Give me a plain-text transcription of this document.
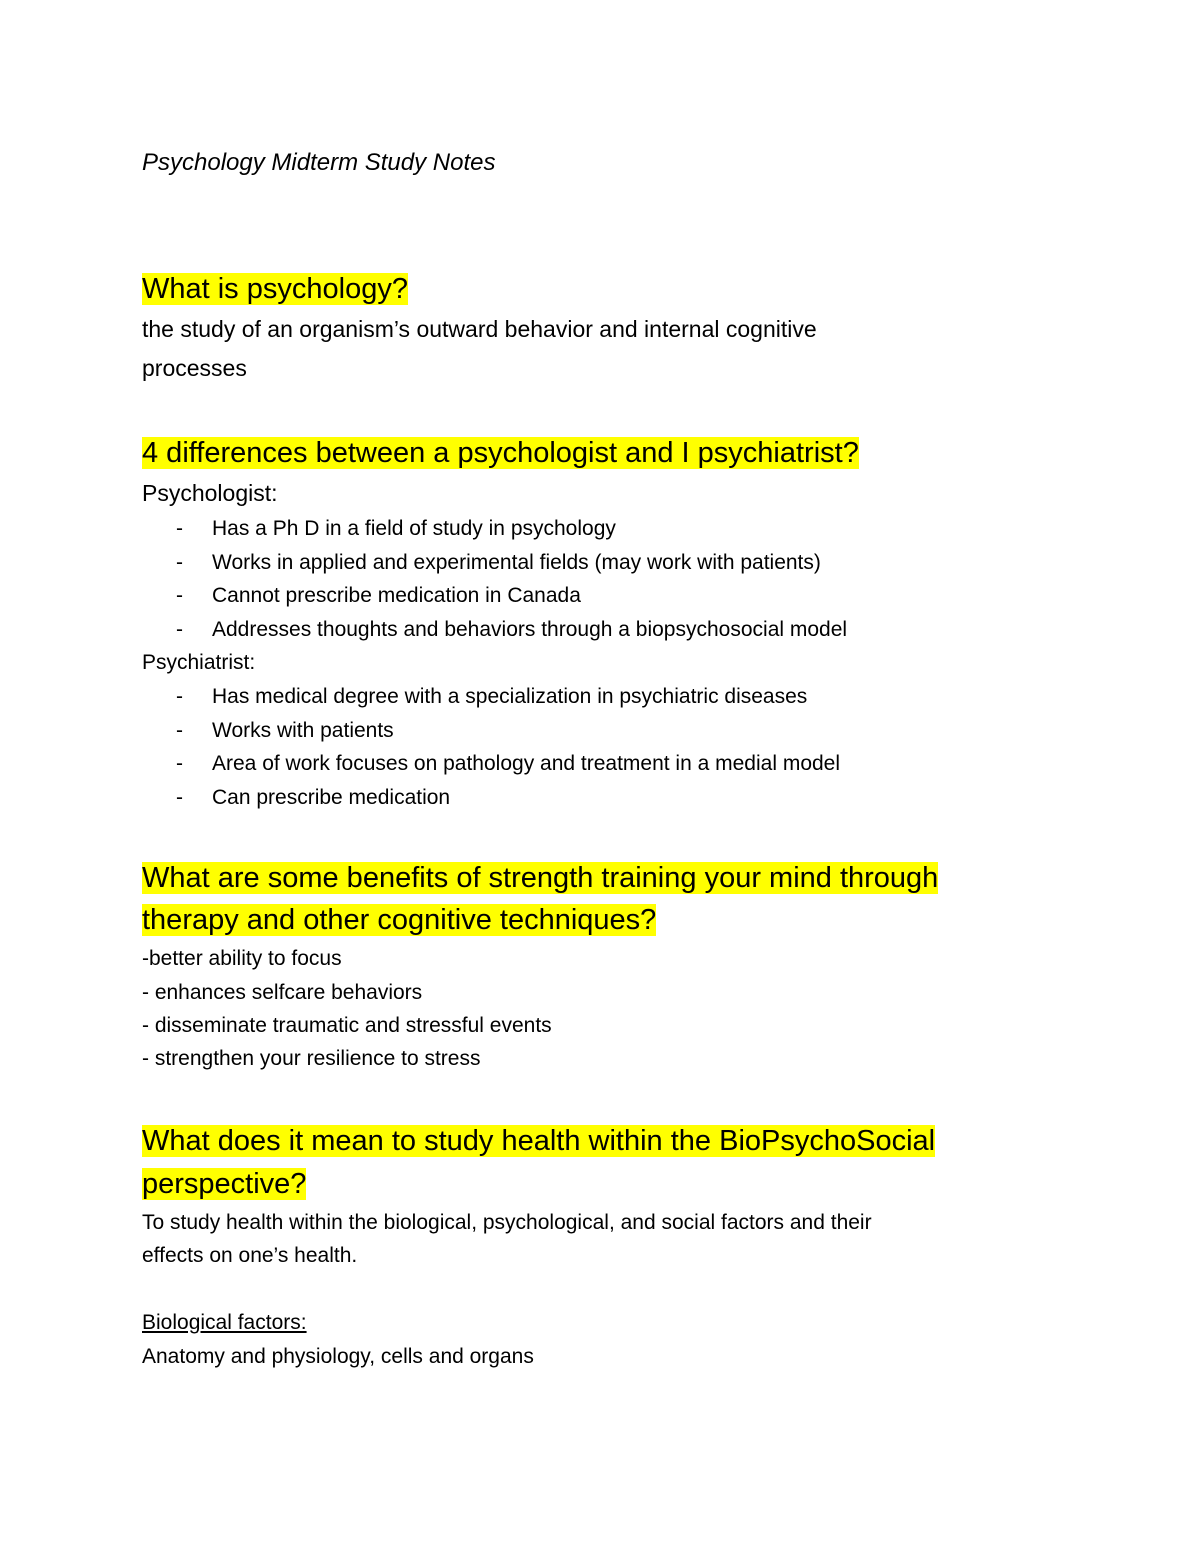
Psychology Midterm Study Notes
What is psychology?
the study of an organism’s outward behavior and internal cognitive
processes
4 differences between a psychologist and I psychiatrist?
Psychologist:
- Has a Ph D in a field of study in psychology
- Works in applied and experimental fields (may work with patients)
- Cannot prescribe medication in Canada
- Addresses thoughts and behaviors through a biopsychosocial model
Psychiatrist:
- Has medical degree with a specialization in psychiatric diseases
- Works with patients
- Area of work focuses on pathology and treatment in a medial model
- Can prescribe medication
What are some benefits of strength training your mind through
therapy and other cognitive techniques?
-better ability to focus
- enhances selfcare behaviors
- disseminate traumatic and stressful events
- strengthen your resilience to stress
What does it mean to study health within the BioPsychoSocial
perspective?
To study health within the biological, psychological, and social factors and their
effects on one’s health.
Biological factors:
Anatomy and physiology, cells and organs
